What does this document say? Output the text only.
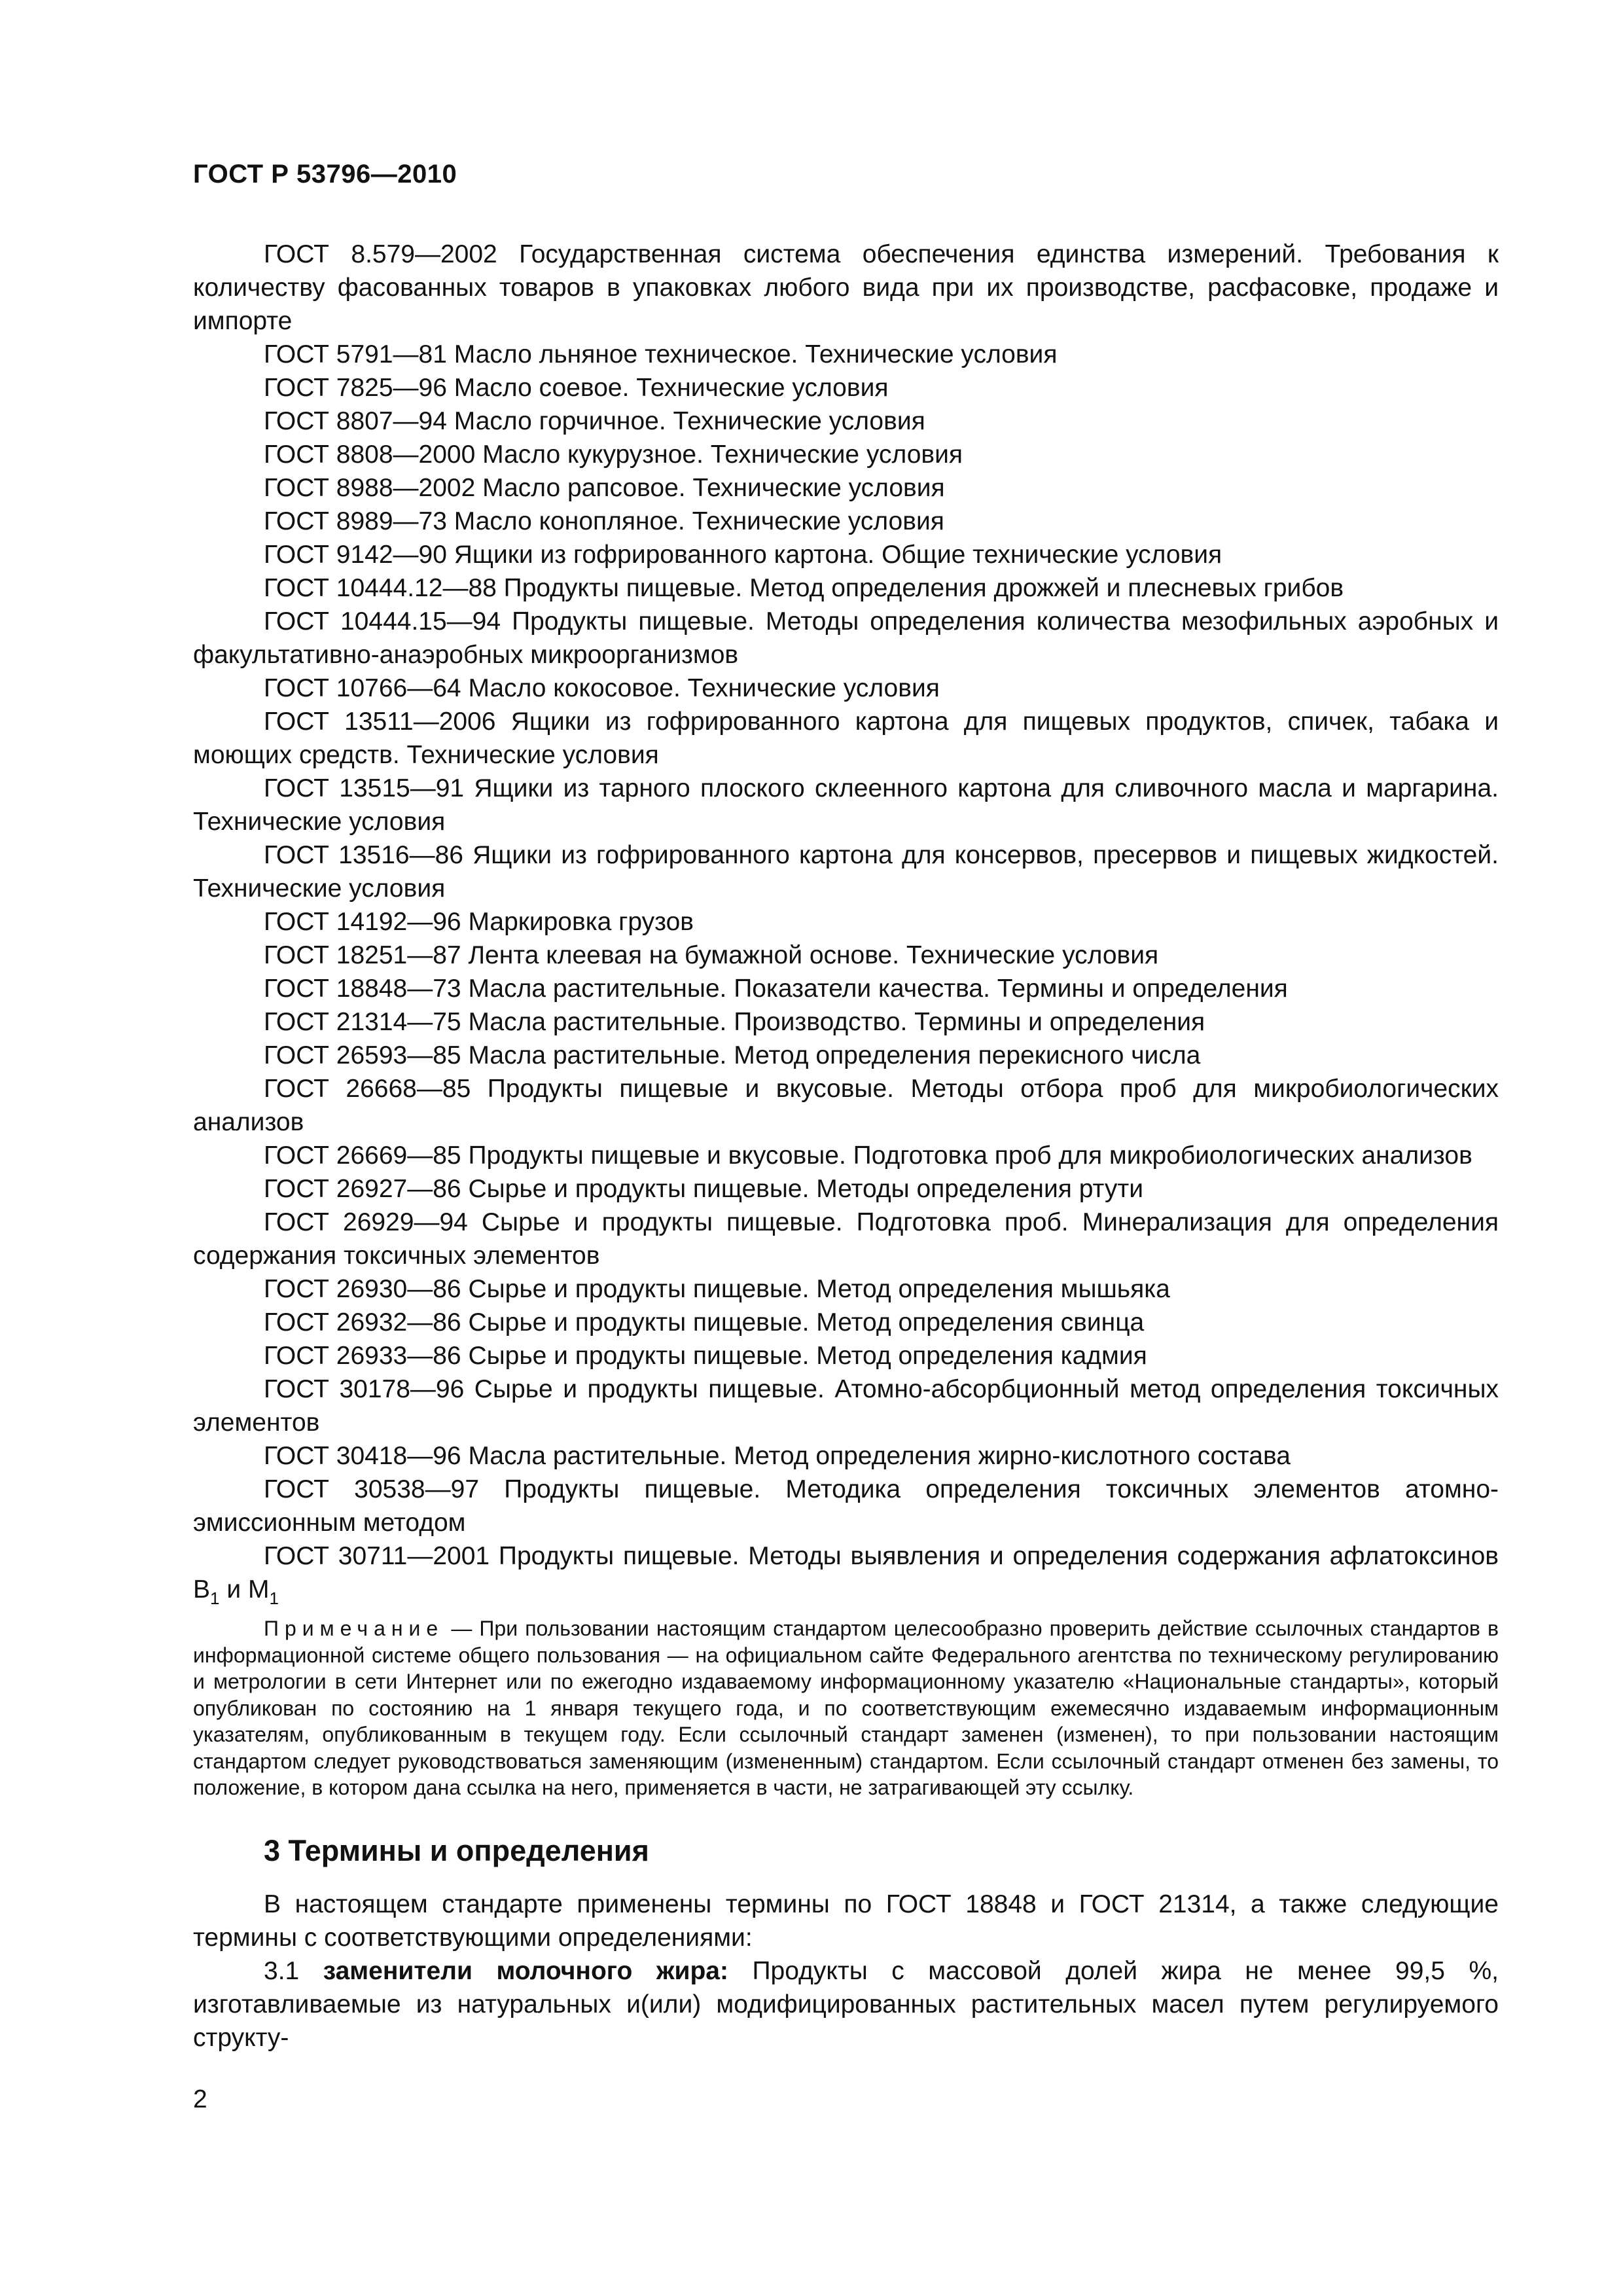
ГОСТ Р 53796—2010

ГОСТ 8.579—2002 Государственная система обеспечения единства измерений. Требования к количеству фасованных товаров в упаковках любого вида при их производстве, расфасовке, продаже и импорте

ГОСТ 5791—81 Масло льняное техническое. Технические условия

ГОСТ 7825—96 Масло соевое. Технические условия

ГОСТ 8807—94 Масло горчичное. Технические условия

ГОСТ 8808—2000 Масло кукурузное. Технические условия

ГОСТ 8988—2002 Масло рапсовое. Технические условия

ГОСТ 8989—73 Масло конопляное. Технические условия

ГОСТ 9142—90 Ящики из гофрированного картона. Общие технические условия

ГОСТ 10444.12—88 Продукты пищевые. Метод определения дрожжей и плесневых грибов

ГОСТ 10444.15—94 Продукты пищевые. Методы определения количества мезофильных аэробных и факультативно-анаэробных микроорганизмов

ГОСТ 10766—64 Масло кокосовое. Технические условия

ГОСТ 13511—2006 Ящики из гофрированного картона для пищевых продуктов, спичек, табака и моющих средств. Технические условия

ГОСТ 13515—91 Ящики из тарного плоского склеенного картона для сливочного масла и маргарина. Технические условия

ГОСТ 13516—86 Ящики из гофрированного картона для консервов, пресервов и пищевых жидкостей. Технические условия

ГОСТ 14192—96 Маркировка грузов

ГОСТ 18251—87 Лента клеевая на бумажной основе. Технические условия

ГОСТ 18848—73 Масла растительные. Показатели качества. Термины и определения

ГОСТ 21314—75 Масла растительные. Производство. Термины и определения

ГОСТ 26593—85 Масла растительные. Метод определения перекисного числа

ГОСТ 26668—85 Продукты пищевые и вкусовые. Методы отбора проб для микробиологических анализов

ГОСТ 26669—85 Продукты пищевые и вкусовые. Подготовка проб для микробиологических анализов

ГОСТ 26927—86 Сырье и продукты пищевые. Методы определения ртути

ГОСТ 26929—94 Сырье и продукты пищевые. Подготовка проб. Минерализация для определения содержания токсичных элементов

ГОСТ 26930—86 Сырье и продукты пищевые. Метод определения мышьяка

ГОСТ 26932—86 Сырье и продукты пищевые. Метод определения свинца

ГОСТ 26933—86 Сырье и продукты пищевые. Метод определения кадмия

ГОСТ 30178—96 Сырье и продукты пищевые. Атомно-абсорбционный метод определения токсичных элементов

ГОСТ 30418—96 Масла растительные. Метод определения жирно-кислотного состава

ГОСТ 30538—97 Продукты пищевые. Методика определения токсичных элементов атомно-эмиссионным методом

ГОСТ 30711—2001 Продукты пищевые. Методы выявления и определения содержания афлатоксинов $В_1$ и $М_1$

Примечание — При пользовании настоящим стандартом целесообразно проверить действие ссылочных стандартов в информационной системе общего пользования — на официальном сайте Федерального агентства по техническому регулированию и метрологии в сети Интернет или по ежегодно издаваемому информационному указателю «Национальные стандарты», который опубликован по состоянию на 1 января текущего года, и по соответствующим ежемесячно издаваемым информационным указателям, опубликованным в текущем году. Если ссылочный стандарт заменен (изменен), то при пользовании настоящим стандартом следует руководствоваться заменяющим (измененным) стандартом. Если ссылочный стандарт отменен без замены, то положение, в котором дана ссылка на него, применяется в части, не затрагивающей эту ссылку.

3 Термины и определения

В настоящем стандарте применены термины по ГОСТ 18848 и ГОСТ 21314, а также следующие термины с соответствующими определениями:

3.1 заменители молочного жира: Продукты с массовой долей жира не менее 99,5 %, изготавливаемые из натуральных и(или) модифицированных растительных масел путем регулируемого структу-

2
